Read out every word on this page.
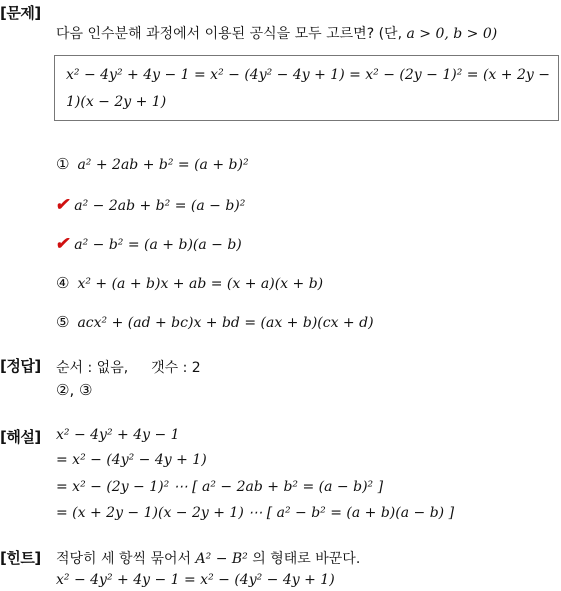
[문제]
다음 인수분해 과정에서 이용된 공식을 모두 고르면? (단, a > 0, b > 0)
x² − 4y² + 4y − 1 = x² − (4y² − 4y + 1) = x² − (2y − 1)² = (x + 2y −
1)(x − 2y + 1)
① a² + 2ab + b² = (a + b)²
✔ a² − 2ab + b² = (a − b)²
✔ a² − b² = (a + b)(a − b)
④ x² + (a + b)x + ab = (x + a)(x + b)
⑤ acx² + (ad + bc)x + bd = (ax + b)(cx + d)
[정답] 순서 : 없음, 갯수 : 2
②, ③
[해설] x² − 4y² + 4y − 1
= x² − (4y² − 4y + 1)
= x² − (2y − 1)² ⋯ [ a² − 2ab + b² = (a − b)² ]
= (x + 2y − 1)(x − 2y + 1) ⋯ [ a² − b² = (a + b)(a − b) ]
[힌트] 적당히 세 항씩 묶어서 A² − B² 의 형태로 바꾼다.
x² − 4y² + 4y − 1 = x² − (4y² − 4y + 1)
